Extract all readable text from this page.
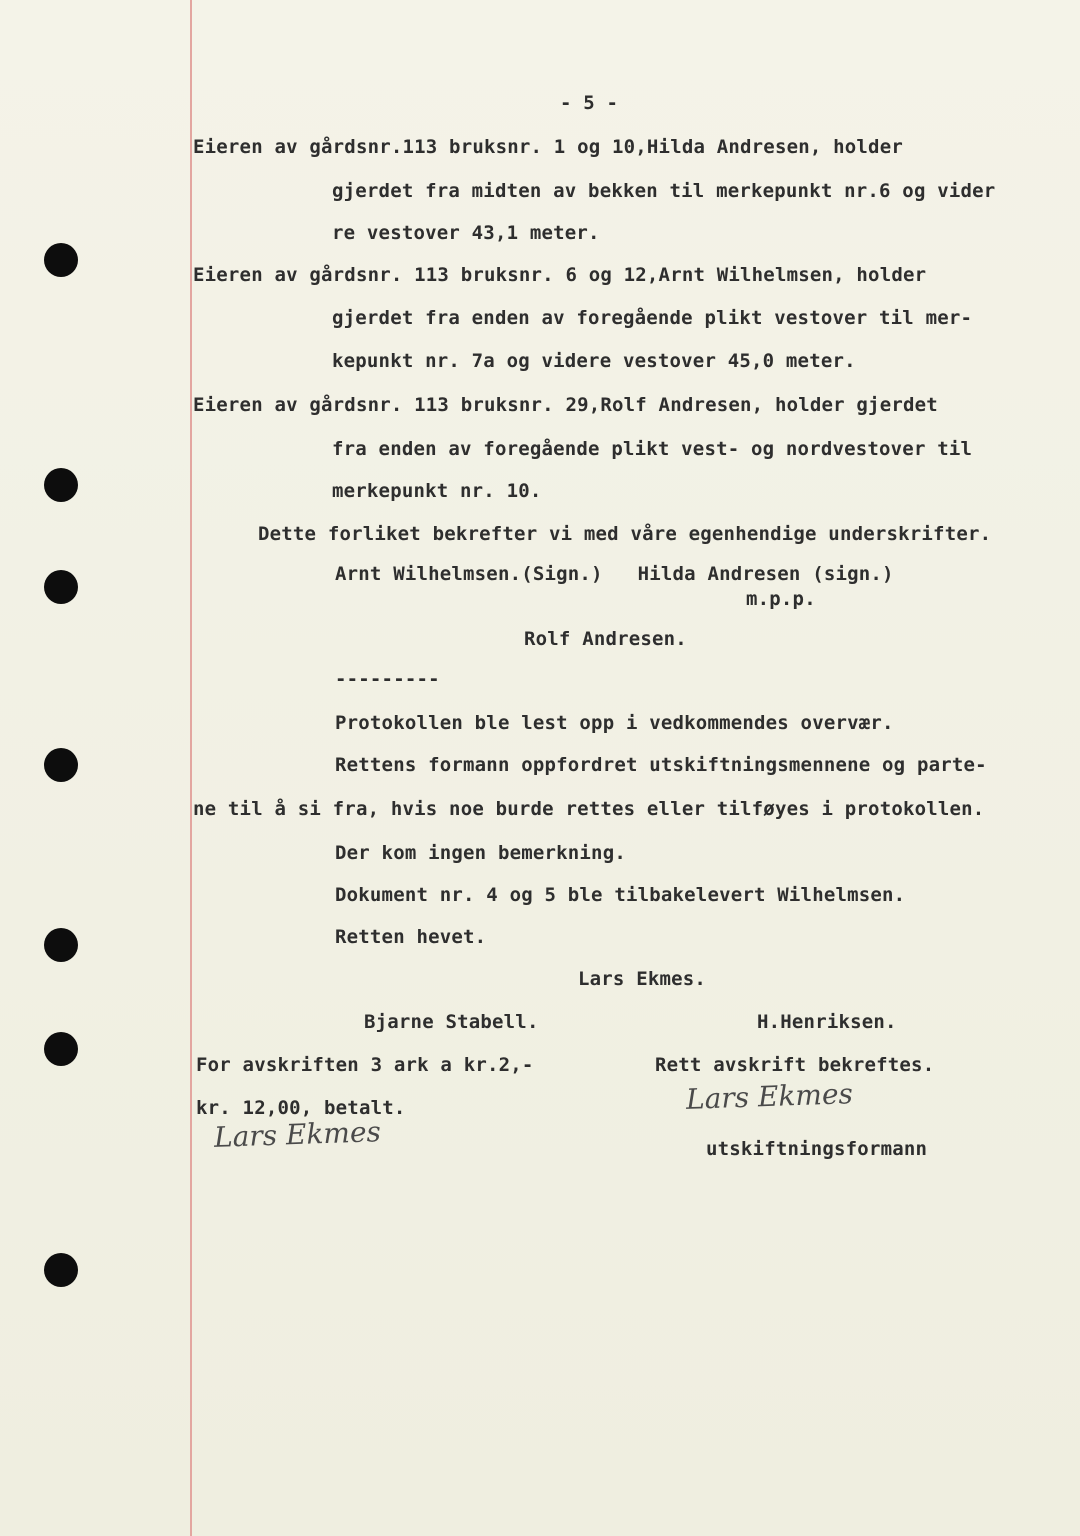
- 5 -
Eieren av gårdsnr.113 bruksnr. 1 og 10,Hilda Andresen, holder
gjerdet fra midten av bekken til merkepunkt nr.6 og vider
re vestover 43,1 meter.
Eieren av gårdsnr. 113 bruksnr. 6 og 12,Arnt Wilhelmsen, holder
gjerdet fra enden av foregående plikt vestover til mer-
kepunkt nr. 7a og videre vestover 45,0 meter.
Eieren av gårdsnr. 113 bruksnr. 29,Rolf Andresen, holder gjerdet
fra enden av foregående plikt vest- og nordvestover til
merkepunkt nr. 10.
Dette forliket bekrefter vi med våre egenhendige underskrifter.
Arnt Wilhelmsen.(Sign.)   Hilda Andresen (sign.)
m.p.p.
Rolf Andresen.
---------
Protokollen ble lest opp i vedkommendes overvær.
Rettens formann oppfordret utskiftningsmennene og parte-
ne til å si fra, hvis noe burde rettes eller tilføyes i protokollen.
Der kom ingen bemerkning.
Dokument nr. 4 og 5 ble tilbakelevert Wilhelmsen.
Retten hevet.
Lars Ekmes.
Bjarne Stabell.	H.Henriksen.
For avskriften 3 ark a kr.2,-	Rett avskrift bekreftes.
kr. 12,00, betalt.
utskiftningsformann
Lars Ekmes
Lars Ekmes
